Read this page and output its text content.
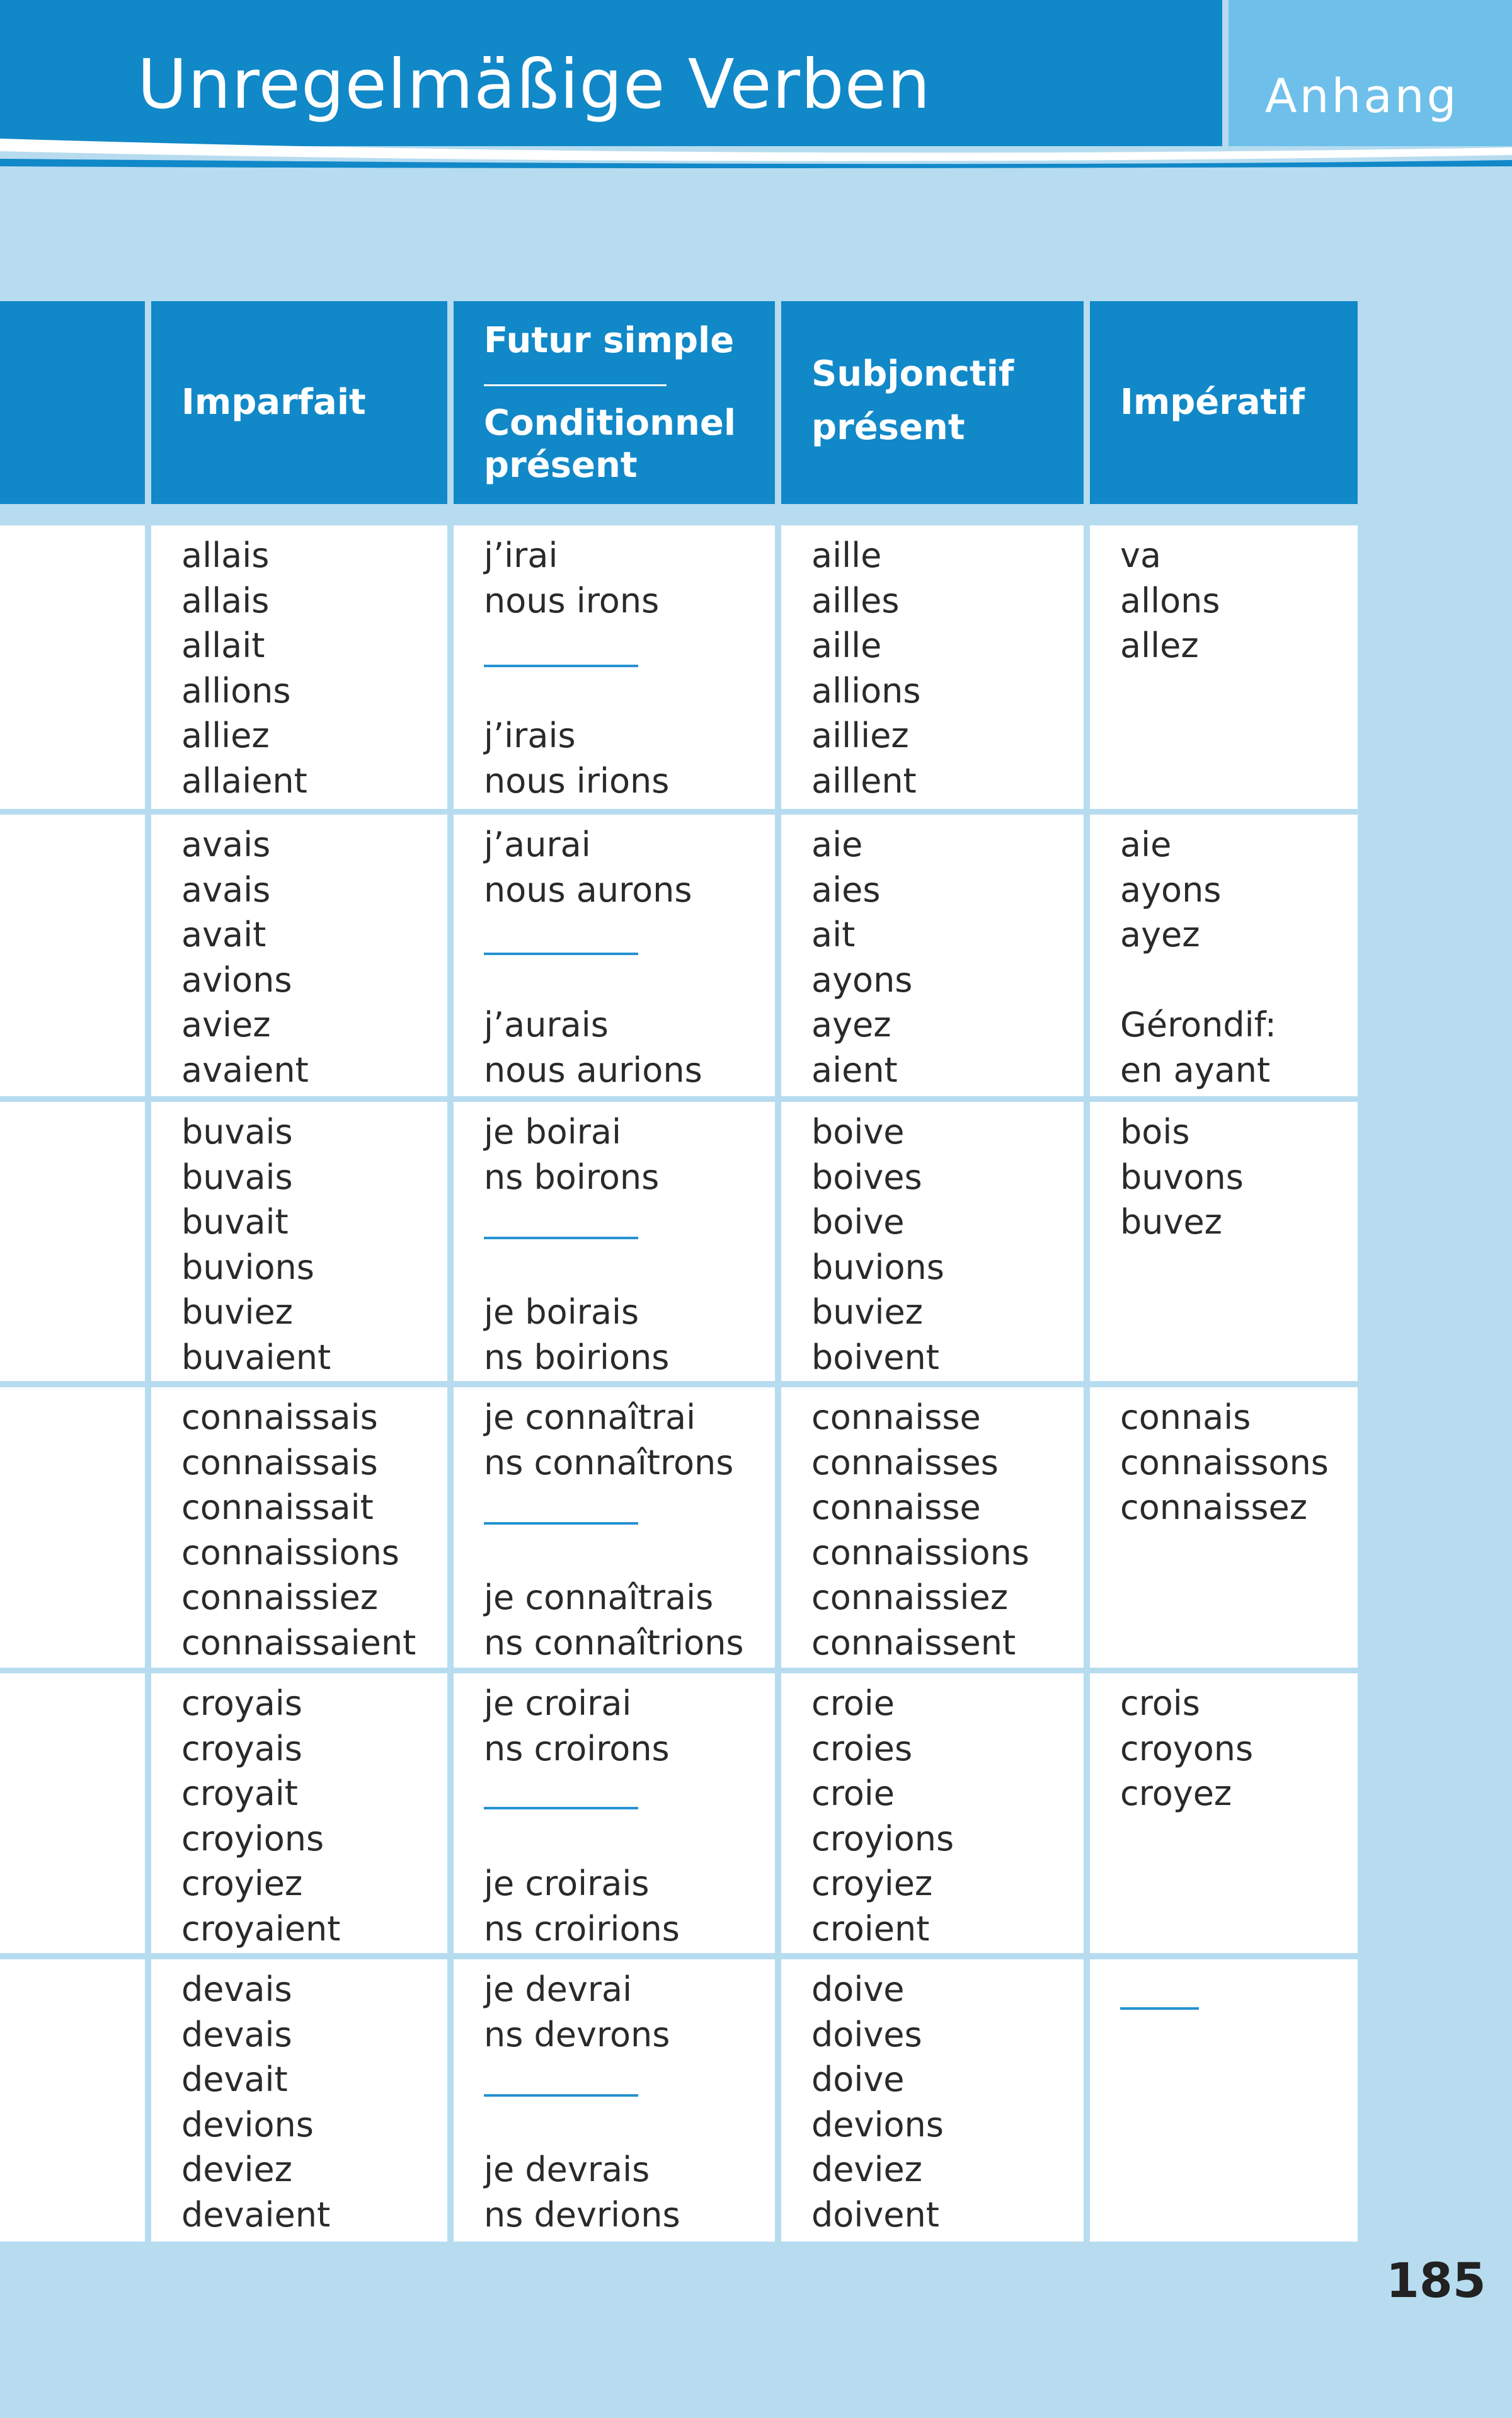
Unregelmäßige Verben	Anhang
Imparfait
Futur simple
Conditionnel
présent
Subjonctif
présent
Impératif
allais
allais
allait
allions
alliez
allaient
j’irai
nous irons
j’irais
nous irions
aille
ailles
aille
allions
ailliez
aillent
va
allons
allez
avais
avais
avait
avions
aviez
avaient
j’aurai
nous aurons
j’aurais
nous aurions
aie
aies
ait
ayons
ayez
aient
aie
ayons
ayez

Gérondif:
en ayant
buvais
buvais
buvait
buvions
buviez
buvaient
je boirai
ns boirons
je boirais
ns boirions
boive
boives
boive
buvions
buviez
boivent
bois
buvons
buvez
connaissais
connaissais
connaissait
connaissions
connaissiez
connaissaient
je connaîtrai
ns connaîtrons
je connaîtrais
ns connaîtrions
connaisse
connaisses
connaisse
connaissions
connaissiez
connaissent
connais
connaissons
connaissez
croyais
croyais
croyait
croyions
croyiez
croyaient
je croirai
ns croirons
je croirais
ns croirions
croie
croies
croie
croyions
croyiez
croient
crois
croyons
croyez
devais
devais
devait
devions
deviez
devaient
je devrai
ns devrons
je devrais
ns devrions
doive
doives
doive
devions
deviez
doivent
185
